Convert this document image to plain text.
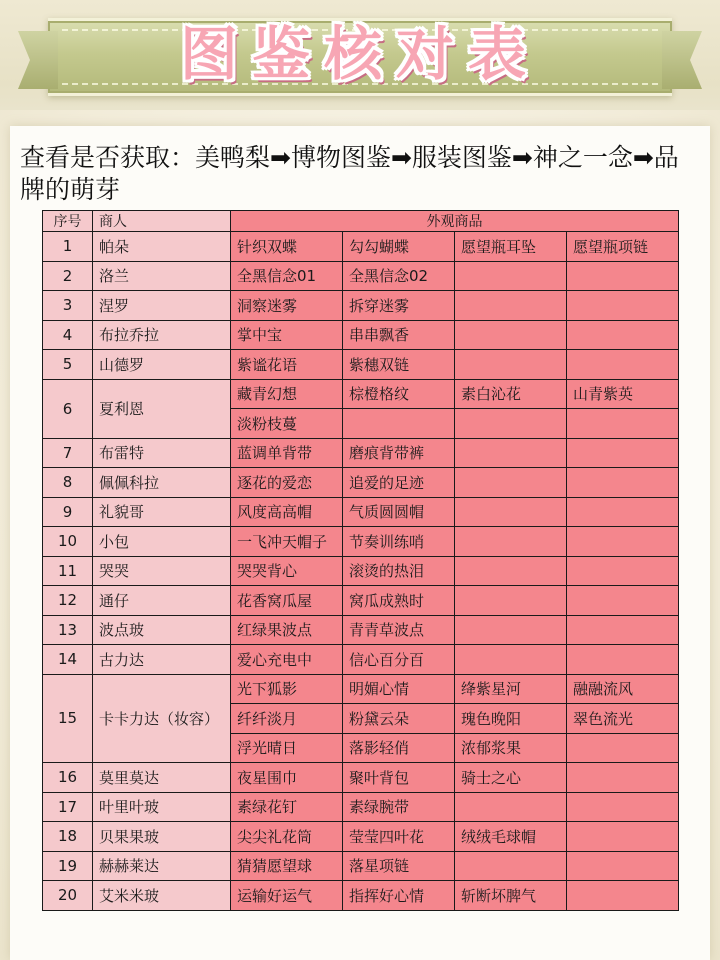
图鉴核对表
查看是否获取：美鸭梨➡博物图鉴➡服装图鉴➡神之一念➡品牌的萌芽
序号	商人	外观商品			
1	帕朵	针织双蝶	勾勾蝴蝶	愿望瓶耳坠	愿望瓶项链
2	洛兰	全黑信念01	全黑信念02		
3	涅罗	洞察迷雾	拆穿迷雾		
4	布拉乔拉	掌中宝	串串飘香		
5	山德罗	紫谧花语	紫穗双链		
6	夏利恩	藏青幻想	棕橙格纹	素白沁花	山青紫英
		淡粉枝蔓			
7	布雷特	蓝调单背带	磨痕背带裤		
8	佩佩科拉	逐花的爱恋	追爱的足迹		
9	礼貌哥	风度高高帽	气质圆圆帽		
10	小包	一飞冲天帽子	节奏训练哨		
11	哭哭	哭哭背心	滚烫的热泪		
12	通仔	花香窝瓜屋	窝瓜成熟时		
13	波点玻	红绿果波点	青青草波点		
14	古力达	爱心充电中	信心百分百		
15	卡卡力达（妆容）	光下狐影	明媚心情	绛紫星河	融融流风
		纤纤淡月	粉黛云朵	瑰色晚阳	翠色流光
		浮光晴日	落影轻俏	浓郁浆果	
16	莫里莫达	夜星围巾	聚叶背包	骑士之心	
17	叶里叶玻	素绿花钉	素绿腕带		
18	贝果果玻	尖尖礼花筒	莹莹四叶花	绒绒毛球帽	
19	赫赫莱达	猜猜愿望球	落星项链		
20	艾米米玻	运输好运气	指挥好心情	斩断坏脾气	
